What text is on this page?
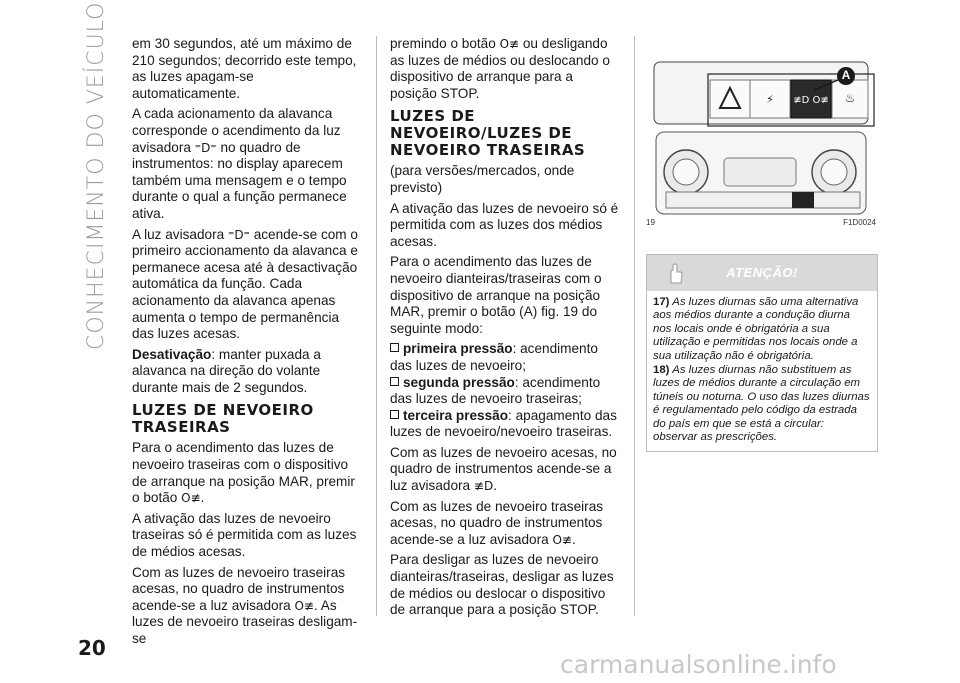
CONHECIMENTO DO VEÍCULO
20

em 30 segundos, até um máximo de 210 segundos; decorrido este tempo, as luzes apagam-se automaticamente.

A cada acionamento da alavanca corresponde o acendimento da luz avisadora ⁼D⁼ no quadro de instrumentos: no display aparecem também uma mensagem e o tempo durante o qual a função permanece ativa.

A luz avisadora ⁼D⁼ acende-se com o primeiro accionamento da alavanca e permanece acesa até à desactivação automática da função. Cada acionamento da alavanca apenas aumenta o tempo de permanência das luzes acesas.

Desativação: manter puxada a alavanca na direção do volante durante mais de 2 segundos.

LUZES DE NEVOEIRO TRASEIRAS

Para o acendimento das luzes de nevoeiro traseiras com o dispositivo de arranque na posição MAR, premir o botão O≢.

A ativação das luzes de nevoeiro traseiras só é permitida com as luzes de médios acesas.

Com as luzes de nevoeiro traseiras acesas, no quadro de instrumentos acende-se a luz avisadora O≢. As luzes de nevoeiro traseiras desligam-se

premindo o botão O≢ ou desligando as luzes de médios ou deslocando o dispositivo de arranque para a posição STOP.

LUZES DE NEVOEIRO/LUZES DE NEVOEIRO TRASEIRAS

(para versões/mercados, onde previsto)

A ativação das luzes de nevoeiro só é permitida com as luzes dos médios acesas.

Para o acendimento das luzes de nevoeiro dianteiras/traseiras com o dispositivo de arranque na posição MAR, premir o botão (A) fig. 19 do seguinte modo:

primeira pressão: acendimento das luzes de nevoeiro;

segunda pressão: acendimento das luzes de nevoeiro traseiras;

terceira pressão: apagamento das luzes de nevoeiro/nevoeiro traseiras.

Com as luzes de nevoeiro acesas, no quadro de instrumentos acende-se a luz avisadora ≢D.

Com as luzes de nevoeiro traseiras acesas, no quadro de instrumentos acende-se a luz avisadora O≢.

Para desligar as luzes de nevoeiro dianteiras/traseiras, desligar as luzes de médios ou deslocar o dispositivo de arranque para a posição STOP.

⚡ ≢D O≢ ♨
A
19	F1D0024
ATENÇÃO!

17) As luzes diurnas são uma alternativa aos médios durante a condução diurna nos locais onde é obrigatória a sua utilização e permitidas nos locais onde a sua utilização não é obrigatória.

18) As luzes diurnas não substituem as luzes de médios durante a circulação em túneis ou noturna. O uso das luzes diurnas é regulamentado pelo código da estrada do país em que se está a circular: observar as prescrições.

carmanualsonline.info
